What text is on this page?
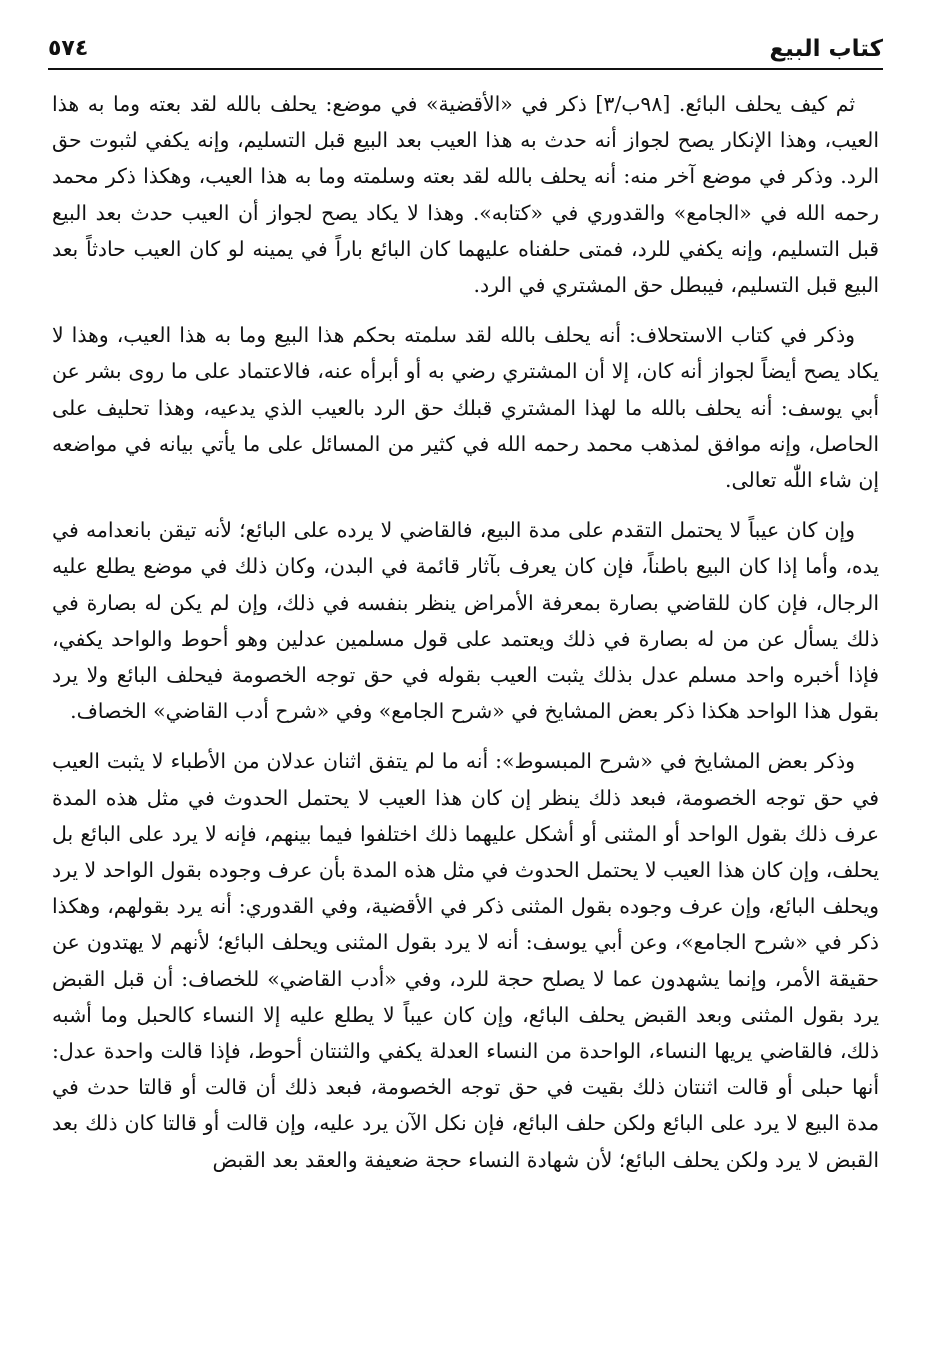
كتاب البيع
٥٧٤

ثم كيف يحلف البائع. [٩٨ب/٣] ذكر في «الأقضية» في موضع: يحلف بالله لقد بعته وما به هذا العيب، وهذا الإنكار يصح لجواز أنه حدث به هذا العيب بعد البيع قبل التسليم، وإنه يكفي لثبوت حق الرد. وذكر في موضع آخر منه: أنه يحلف بالله لقد بعته وسلمته وما به هذا العيب، وهكذا ذكر محمد رحمه الله في «الجامع» والقدوري في «كتابه». وهذا لا يكاد يصح لجواز أن العيب حدث بعد البيع قبل التسليم، وإنه يكفي للرد، فمتى حلفناه عليهما كان البائع باراً في يمينه لو كان العيب حادثاً بعد البيع قبل التسليم، فيبطل حق المشتري في الرد.

وذكر في كتاب الاستحلاف: أنه يحلف بالله لقد سلمته بحكم هذا البيع وما به هذا العيب، وهذا لا يكاد يصح أيضاً لجواز أنه كان، إلا أن المشتري رضي به أو أبرأه عنه، فالاعتماد على ما روى بشر عن أبي يوسف: أنه يحلف بالله ما لهذا المشتري قبلك حق الرد بالعيب الذي يدعيه، وهذا تحليف على الحاصل، وإنه موافق لمذهب محمد رحمه الله في كثير من المسائل على ما يأتي بيانه في مواضعه إن شاء اللّٰه تعالى.

وإن كان عيباً لا يحتمل التقدم على مدة البيع، فالقاضي لا يرده على البائع؛ لأنه تيقن بانعدامه في يده، وأما إذا كان البيع باطناً، فإن كان يعرف بآثار قائمة في البدن، وكان ذلك في موضع يطلع عليه الرجال، فإن كان للقاضي بصارة بمعرفة الأمراض ينظر بنفسه في ذلك، وإن لم يكن له بصارة في ذلك يسأل عن من له بصارة في ذلك ويعتمد على قول مسلمين عدلين وهو أحوط والواحد يكفي، فإذا أخبره واحد مسلم عدل بذلك يثبت العيب بقوله في حق توجه الخصومة فيحلف البائع ولا يرد بقول هذا الواحد هكذا ذكر بعض المشايخ في «شرح الجامع» وفي «شرح أدب القاضي» الخصاف.

وذكر بعض المشايخ في «شرح المبسوط»: أنه ما لم يتفق اثنان عدلان من الأطباء لا يثبت العيب في حق توجه الخصومة، فبعد ذلك ينظر إن كان هذا العيب لا يحتمل الحدوث في مثل هذه المدة عرف ذلك بقول الواحد أو المثنى أو أشكل عليهما ذلك اختلفوا فيما بينهم، فإنه لا يرد على البائع بل يحلف، وإن كان هذا العيب لا يحتمل الحدوث في مثل هذه المدة بأن عرف وجوده بقول الواحد لا يرد ويحلف البائع، وإن عرف وجوده بقول المثنى ذكر في الأقضية، وفي القدوري: أنه يرد بقولهم، وهكذا ذكر في «شرح الجامع»، وعن أبي يوسف: أنه لا يرد بقول المثنى ويحلف البائع؛ لأنهم لا يهتدون عن حقيقة الأمر، وإنما يشهدون عما لا يصلح حجة للرد، وفي «أدب القاضي» للخصاف: أن قبل القبض يرد بقول المثنى وبعد القبض يحلف البائع، وإن كان عيباً لا يطلع عليه إلا النساء كالحبل وما أشبه ذلك، فالقاضي يريها النساء، الواحدة من النساء العدلة يكفي والثنتان أحوط، فإذا قالت واحدة عدل: أنها حبلى أو قالت اثنتان ذلك بقيت في حق توجه الخصومة، فبعد ذلك أن قالت أو قالتا حدث في مدة البيع لا يرد على البائع ولكن حلف البائع، فإن نكل الآن يرد عليه، وإن قالت أو قالتا كان ذلك بعد القبض لا يرد ولكن يحلف البائع؛ لأن شهادة النساء حجة ضعيفة والعقد بعد القبض
